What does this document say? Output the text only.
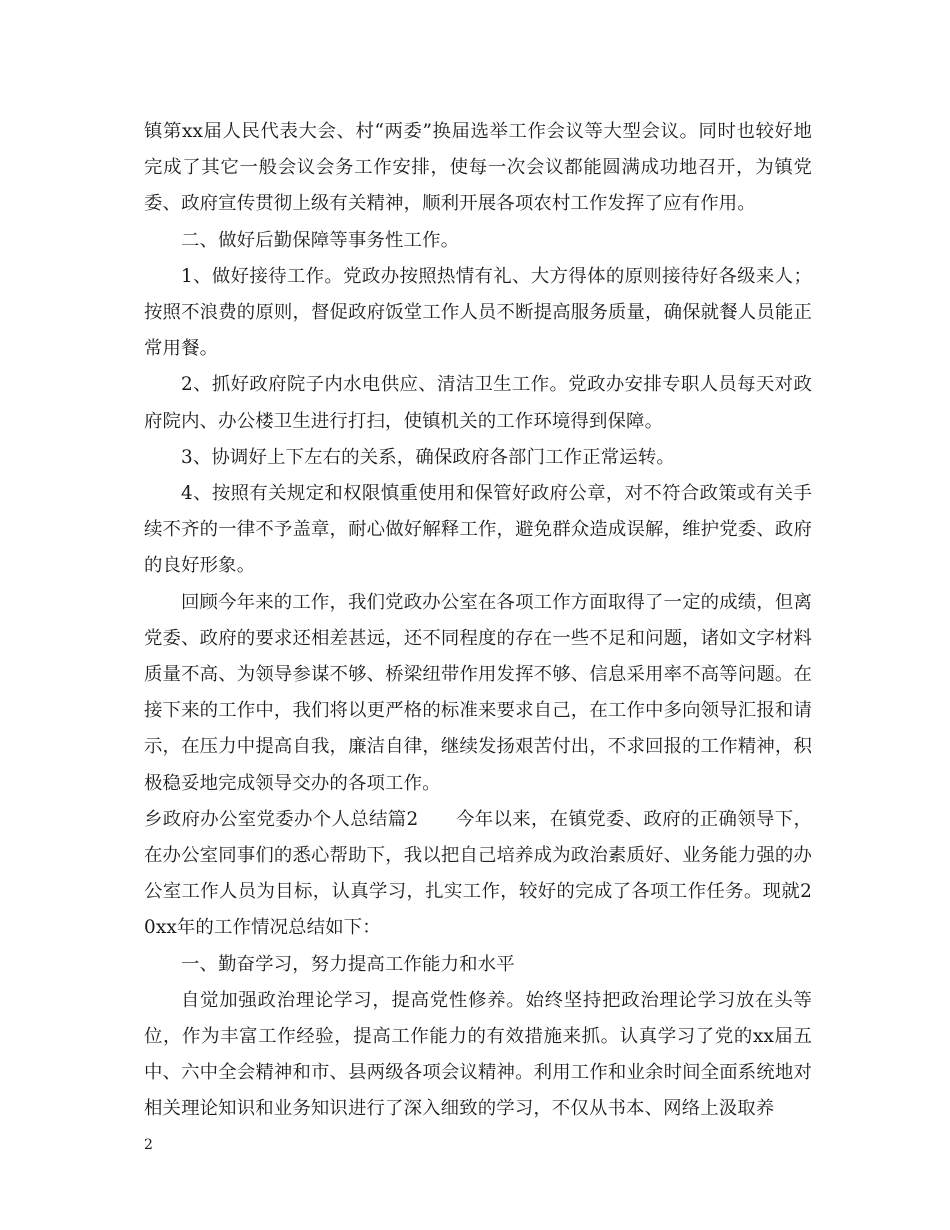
镇第xx届人民代表大会、村“两委”换届选举工作会议等大型会议。同时也较好地完成了其它一般会议会务工作安排，使每一次会议都能圆满成功地召开，为镇党委、政府宣传贯彻上级有关精神，顺利开展各项农村工作发挥了应有作用。

二、做好后勤保障等事务性工作。

1、做好接待工作。党政办按照热情有礼、大方得体的原则接待好各级来人；按照不浪费的原则，督促政府饭堂工作人员不断提高服务质量，确保就餐人员能正常用餐。

2、抓好政府院子内水电供应、清洁卫生工作。党政办安排专职人员每天对政府院内、办公楼卫生进行打扫，使镇机关的工作环境得到保障。

3、协调好上下左右的关系，确保政府各部门工作正常运转。

4、按照有关规定和权限慎重使用和保管好政府公章，对不符合政策或有关手续不齐的一律不予盖章，耐心做好解释工作，避免群众造成误解，维护党委、政府的良好形象。

回顾今年来的工作，我们党政办公室在各项工作方面取得了一定的成绩，但离党委、政府的要求还相差甚远，还不同程度的存在一些不足和问题，诸如文字材料质量不高、为领导参谋不够、桥梁纽带作用发挥不够、信息采用率不高等问题。在接下来的工作中，我们将以更严格的标准来要求自己，在工作中多向领导汇报和请示，在压力中提高自我，廉洁自律，继续发扬艰苦付出，不求回报的工作精神，积极稳妥地完成领导交办的各项工作。

乡政府办公室党委办个人总结篇2　　今年以来，在镇党委、政府的正确领导下，在办公室同事们的悉心帮助下，我以把自己培养成为政治素质好、业务能力强的办公室工作人员为目标，认真学习，扎实工作，较好的完成了各项工作任务。现就20xx年的工作情况总结如下：

一、勤奋学习，努力提高工作能力和水平

自觉加强政治理论学习，提高党性修养。始终坚持把政治理论学习放在头等位，作为丰富工作经验，提高工作能力的有效措施来抓。认真学习了党的xx届五中、六中全会精神和市、县两级各项会议精神。利用工作和业余时间全面系统地对相关理论知识和业务知识进行了深入细致的学习，不仅从书本、网络上汲取养

2
